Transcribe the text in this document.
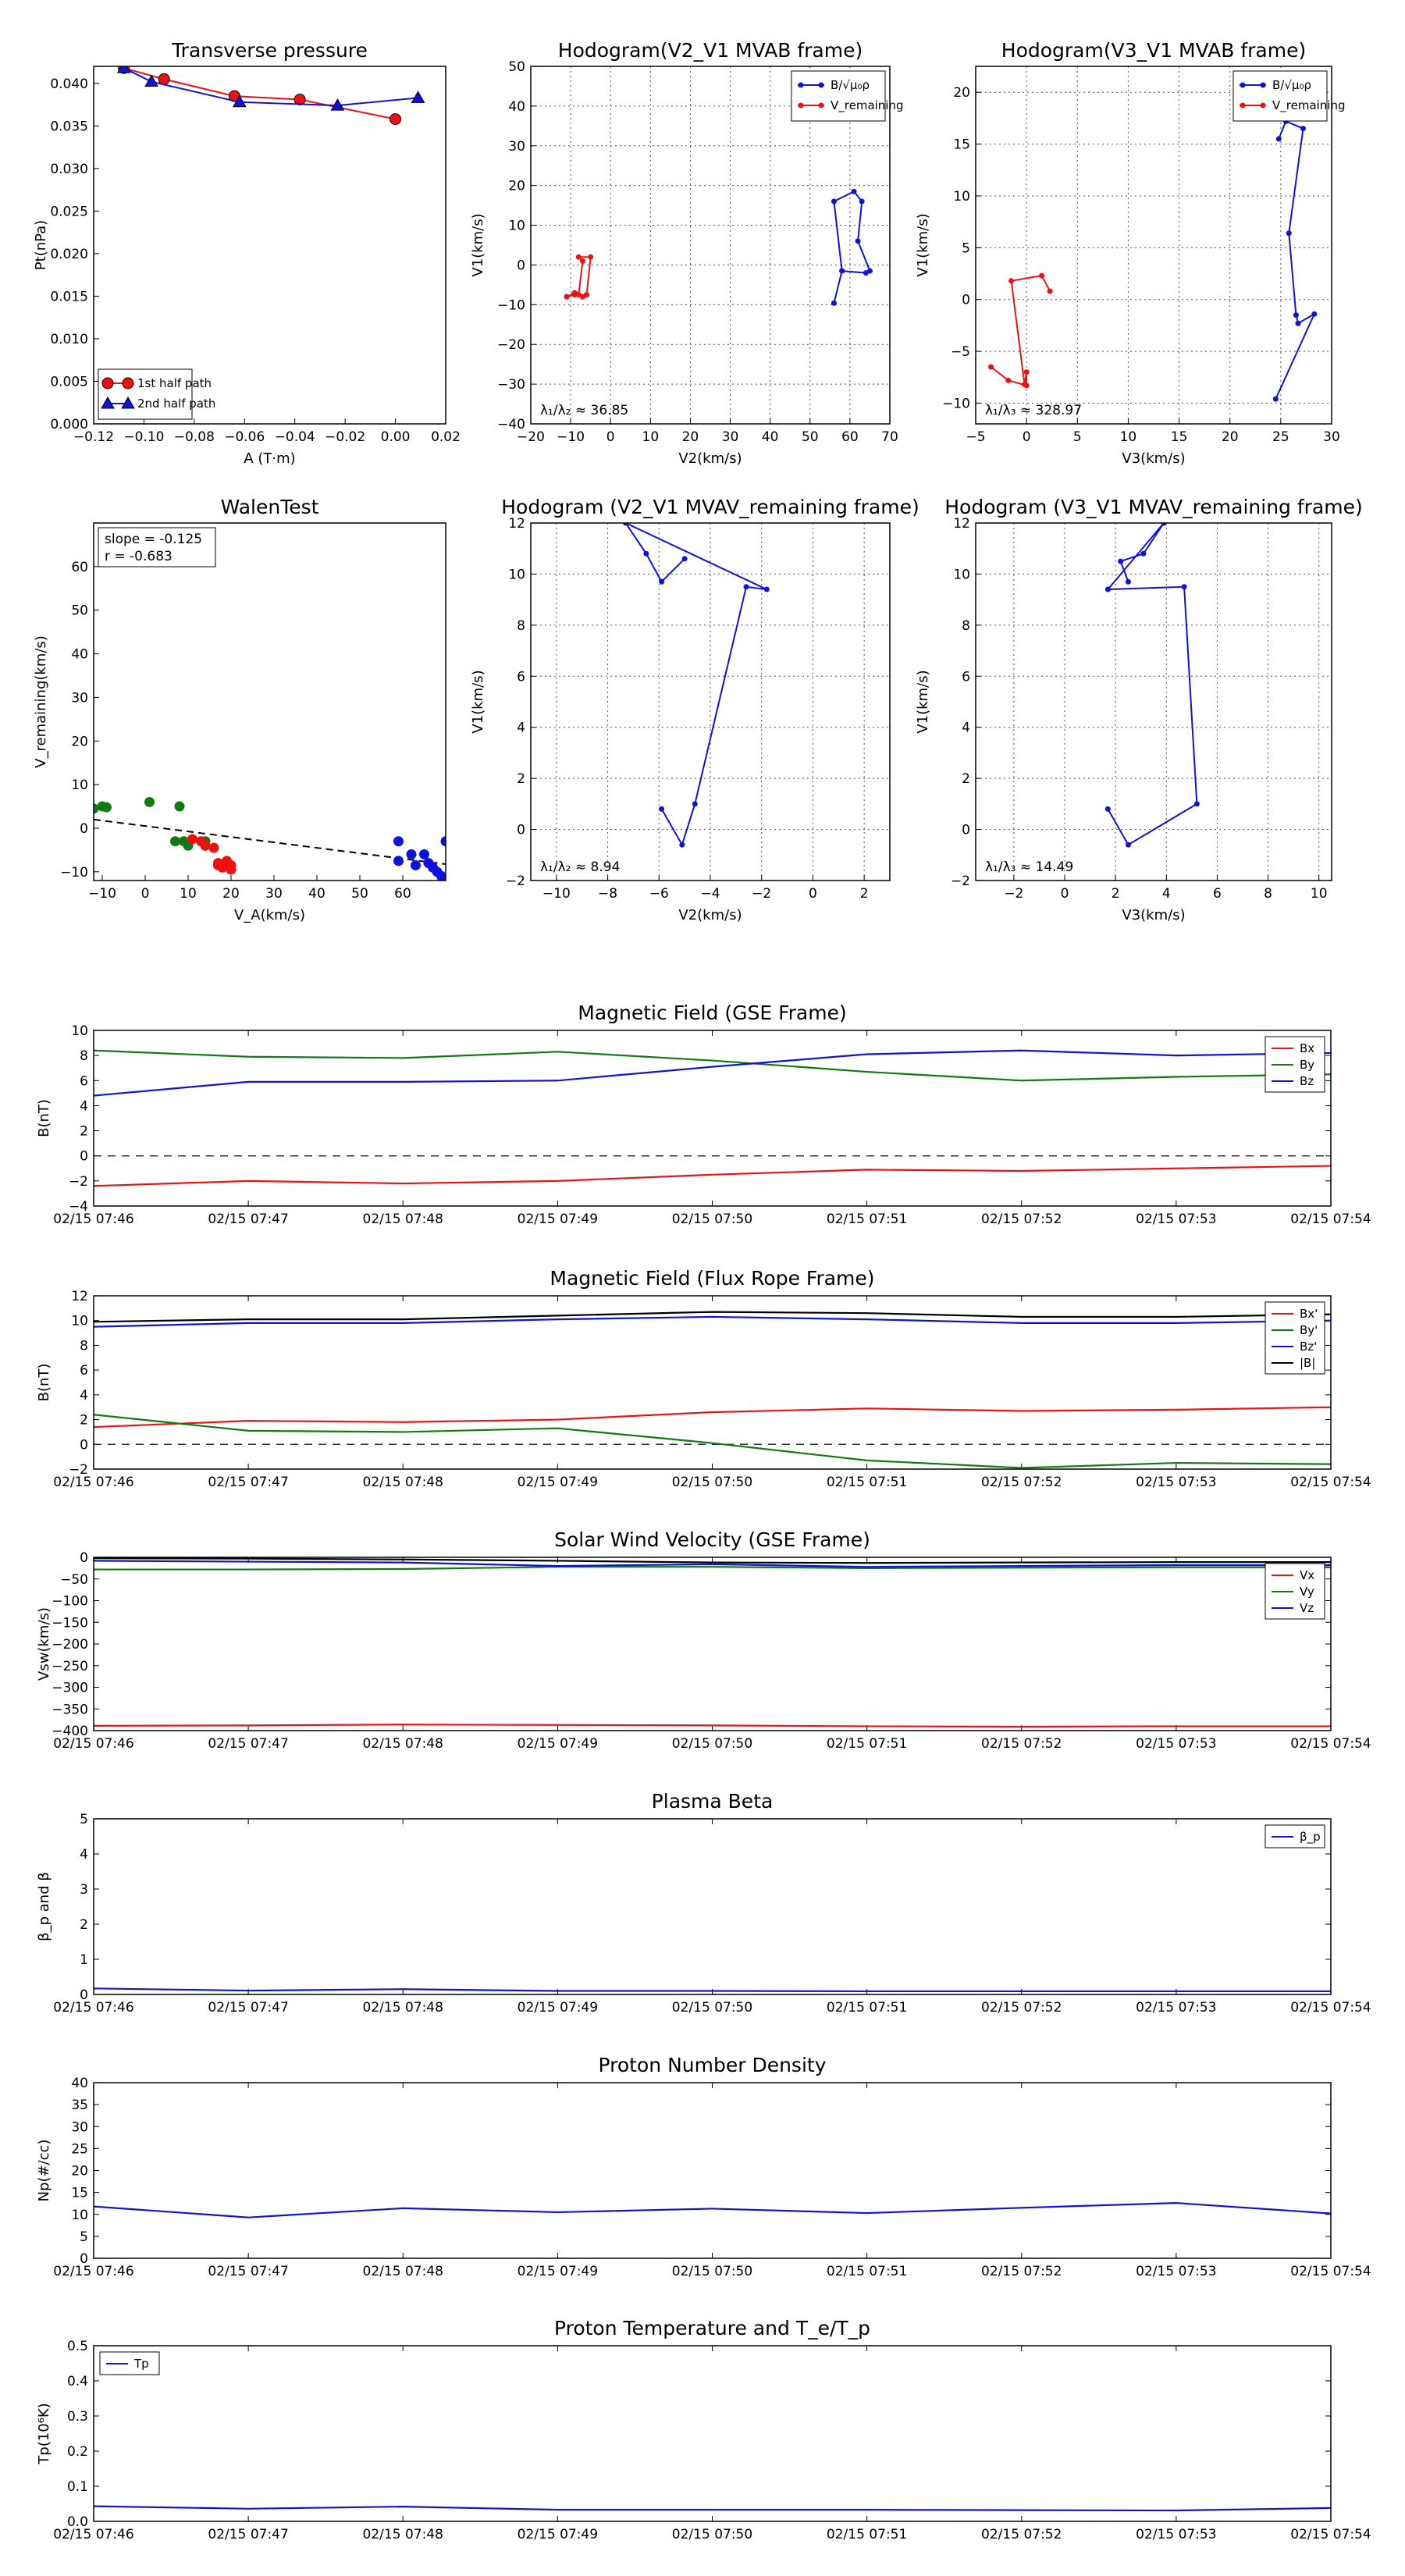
Transverse pressure
−0.12 −0.10 −0.08 −0.06 −0.04 −0.02 0.00 0.02
0.000
0.005
0.010
0.015
0.020
0.025
0.030
0.035
0.040
A (T·m)
Pt(nPa)
1st half path
2nd half path
Hodogram(V2_V1 MVAB frame)
−20 −10 0 10 20 30 40 50 60 70
−40
−30
−20
−10
0
10
20
30
40
50
V2(km/s)
V1(km/s)
λ₁/λ₂ ≈ 36.85
B/√μ₀ρ
V_remaining
Hodogram(V3_V1 MVAB frame)
−5	0	5	10	15	20	25	30
−10
−5
0
5
10
15
20
V3(km/s)
V1(km/s)
λ₁/λ₃ ≈ 328.97
B/√μ₀ρ
V_remaining
WalenTest
−10 0 10 20 30 40 50 60
−10
0
10
20
30
40
50
60
V_A(km/s)
V_remaining(km/s)
slope = -0.125
r = -0.683
Hodogram (V2_V1 MVAV_remaining frame)
−10 −8 −6 −4 −2	0	2
−2
0
2
4
6
8
10
12
V2(km/s)
V1(km/s)
λ₁/λ₂ ≈ 8.94
Hodogram (V3_V1 MVAV_remaining frame)
−2	0	2	4	6	8	10
−2
0
2
4
6
8
10
12
V3(km/s)
V1(km/s)
λ₁/λ₃ ≈ 14.49
Magnetic Field (GSE Frame)
02/15 07:46	02/15 07:47	02/15 07:48	02/15 07:49	02/15 07:50	02/15 07:51	02/15 07:52	02/15 07:53	02/15 07:54
−4
−2
0
2
4
6
8
10
B(nT)
Bx
By
Bz
Magnetic Field (Flux Rope Frame)
02/15 07:46	02/15 07:47	02/15 07:48	02/15 07:49	02/15 07:50	02/15 07:51	02/15 07:52	02/15 07:53	02/15 07:54
−2
0
2
4
6
8
10
12
B(nT)
Bx'
By'
Bz'
|B|
Solar Wind Velocity (GSE Frame)
02/15 07:46	02/15 07:47	02/15 07:48	02/15 07:49	02/15 07:50	02/15 07:51	02/15 07:52	02/15 07:53	02/15 07:54
−400
−350
−300
−250
−200
−150
−100
−50
0
Vsw(km/s)
Vx
Vy
Vz
Plasma Beta
02/15 07:46	02/15 07:47	02/15 07:48	02/15 07:49	02/15 07:50	02/15 07:51	02/15 07:52	02/15 07:53	02/15 07:54
0
1
2
3
4
5
β_p and β
β_p
Proton Number Density
02/15 07:46	02/15 07:47	02/15 07:48	02/15 07:49	02/15 07:50	02/15 07:51	02/15 07:52	02/15 07:53	02/15 07:54
0
5
10
15
20
25
30
35
40
Np(#/cc)
Proton Temperature and T_e/T_p
02/15 07:46	02/15 07:47	02/15 07:48	02/15 07:49	02/15 07:50	02/15 07:51	02/15 07:52	02/15 07:53	02/15 07:54
0.0
0.1
0.2
0.3
0.4
0.5
Tp(10⁶K)
Tp
